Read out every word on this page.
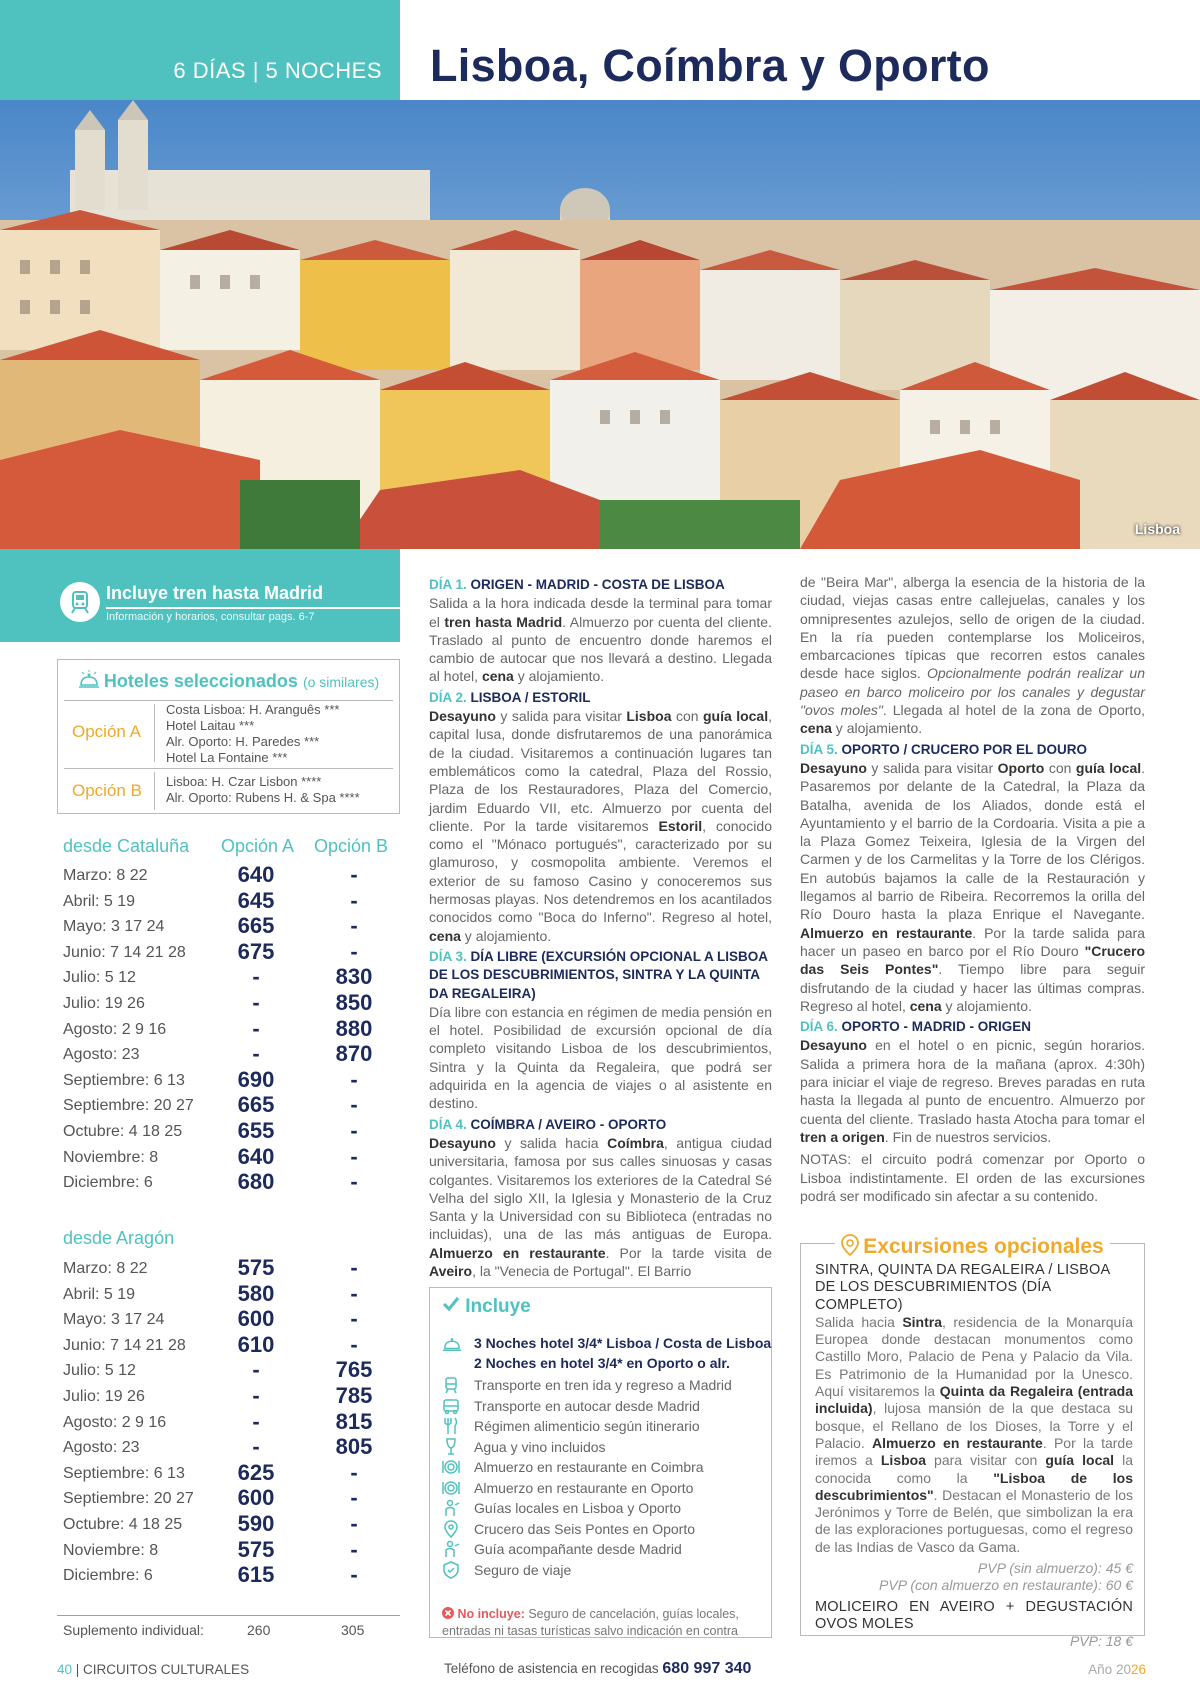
6 DÍAS | 5 NOCHES Lisboa, Coímbra y Oporto
Lisboa
Incluye tren hasta Madrid
Información y horarios, consultar pags. 6-7
Hoteles seleccionados (o similares)
Opción A
Costa Lisboa: H. Aranguês ***
Hotel Laitau ***
Alr. Oporto: H. Paredes ***
Hotel La Fontaine ***
Opción B Lisboa: H. Czar Lisbon ****
Alr. Oporto: Rubens H. & Spa ****
desde Cataluña Opción A Opción B
Marzo: 8 22	640	-
Abril: 5 19	645	-
Mayo: 3 17 24	665	-
Junio: 7 14 21 28	675	-
Julio: 5 12	-	830
Julio: 19 26	-	850
Agosto: 2 9 16	-	880
Agosto: 23	-	870
Septiembre: 6 13	690	-
Septiembre: 20 27	665	-
Octubre: 4 18 25	655	-
Noviembre: 8	640	-
Diciembre: 6	680	-
desde Aragón
Marzo: 8 22	575	-
Abril: 5 19	580	-
Mayo: 3 17 24	600	-
Junio: 7 14 21 28	610	-
Julio: 5 12	-	765
Julio: 19 26	-	785
Agosto: 2 9 16	-	815
Agosto: 23	-	805
Septiembre: 6 13	625	-
Septiembre: 20 27	600	-
Octubre: 4 18 25	590	-
Noviembre: 8	575	-
Diciembre: 6	615	-
Suplemento individual:	260	305
DÍA 1. ORIGEN - MADRID - COSTA DE LISBOA

Salida a la hora indicada desde la terminal para tomar el tren hasta Madrid. Almuerzo por cuenta del cliente. Traslado al punto de encuentro donde haremos el cambio de autocar que nos llevará a destino. Llegada al hotel, cena y alojamiento.

DÍA 2. LISBOA / ESTORIL

Desayuno y salida para visitar Lisboa con guía local, capital lusa, donde disfrutaremos de una panorámica de la ciudad. Visitaremos a continuación lugares tan emblemáticos como la catedral, Plaza del Rossio, Plaza de los Restauradores, Plaza del Comercio, jardim Eduardo VII, etc. Almuerzo por cuenta del cliente. Por la tarde visitaremos Estoril, conocido como el "Mónaco portugués", caracterizado por su glamuroso, y cosmopolita ambiente. Veremos el exterior de su famoso Casino y conoceremos sus hermosas playas. Nos detendremos en los acantilados conocidos como "Boca do Inferno". Regreso al hotel, cena y alojamiento.

DÍA 3. DÍA LIBRE (EXCURSIÓN OPCIONAL A LISBOA DE LOS DESCUBRIMIENTOS, SINTRA Y LA QUINTA DA REGALEIRA)

Día libre con estancia en régimen de media pensión en el hotel. Posibilidad de excursión opcional de día completo visitando Lisboa de los descubrimientos, Sintra y la Quinta da Regaleira, que podrá ser adquirida en la agencia de viajes o al asistente en destino.

DÍA 4. COÍMBRA / AVEIRO - OPORTO

Desayuno y salida hacia Coímbra, antigua ciudad universitaria, famosa por sus calles sinuosas y casas colgantes. Visitaremos los exteriores de la Catedral Sé Velha del siglo XII, la Iglesia y Monasterio de la Cruz Santa y la Universidad con su Biblioteca (entradas no incluidas), una de las más antiguas de Europa. Almuerzo en restaurante. Por la tarde visita de Aveiro, la "Venecia de Portugal". El Barrio

de "Beira Mar", alberga la esencia de la historia de la ciudad, viejas casas entre callejuelas, canales y los omnipresentes azulejos, sello de origen de la ciudad. En la ría pueden contemplarse los Moliceiros, embarcaciones típicas que recorren estos canales desde hace siglos. Opcionalmente podrán realizar un paseo en barco moliceiro por los canales y degustar "ovos moles". Llegada al hotel de la zona de Oporto, cena y alojamiento.

DÍA 5. OPORTO / CRUCERO POR EL DOURO

Desayuno y salida para visitar Oporto con guía local. Pasaremos por delante de la Catedral, la Plaza da Batalha, avenida de los Aliados, donde está el Ayuntamiento y el barrio de la Cordoaria. Visita a pie a la Plaza Gomez Teixeira, Iglesia de la Virgen del Carmen y de los Carmelitas y la Torre de los Clérigos. En autobús bajamos la calle de la Restauración y llegamos al barrio de Ribeira. Recorremos la orilla del Río Douro hasta la plaza Enrique el Navegante. Almuerzo en restaurante. Por la tarde salida para hacer un paseo en barco por el Río Douro "Crucero das Seis Pontes". Tiempo libre para seguir disfrutando de la ciudad y hacer las últimas compras. Regreso al hotel, cena y alojamiento.

DÍA 6. OPORTO - MADRID - ORIGEN

Desayuno en el hotel o en picnic, según horarios. Salida a primera hora de la mañana (aprox. 4:30h) para iniciar el viaje de regreso. Breves paradas en ruta hasta la llegada al punto de encuentro. Almuerzo por cuenta del cliente. Traslado hasta Atocha para tomar el tren a origen. Fin de nuestros servicios.

NOTAS: el circuito podrá comenzar por Oporto o Lisboa indistintamente. El orden de las excursiones podrá ser modificado sin afectar a su contenido.

Incluye
3 Noches hotel 3/4* Lisboa / Costa de Lisboa
2 Noches en hotel 3/4* en Oporto o alr.
Transporte en tren ida y regreso a Madrid
Transporte en autocar desde Madrid
Régimen alimenticio según itinerario
Agua y vino incluidos
Almuerzo en restaurante en Coimbra
Almuerzo en restaurante en Oporto
Guías locales en Lisboa y Oporto
Crucero das Seis Pontes en Oporto
Guía acompañante desde Madrid
Seguro de viaje
No incluye: Seguro de cancelación, guías locales, entradas ni tasas turísticas salvo indicación en contra
Excursiones opcionales
SINTRA, QUINTA DA REGALEIRA / LISBOA DE LOS DESCUBRIMIENTOS (DÍA COMPLETO)

Salida hacia Sintra, residencia de la Monarquía Europea donde destacan monumentos como Castillo Moro, Palacio de Pena y Palacio da Vila. Es Patrimonio de la Humanidad por la Unesco. Aquí visitaremos la Quinta da Regaleira (entrada incluida), lujosa mansión de la que destaca su bosque, el Rellano de los Dioses, la Torre y el Palacio. Almuerzo en restaurante. Por la tarde iremos a Lisboa para visitar con guía local la conocida como la "Lisboa de los descubrimientos". Destacan el Monasterio de los Jerónimos y Torre de Belén, que simbolizan la era de las exploraciones portuguesas, como el regreso de las Indias de Vasco da Gama.

PVP (sin almuerzo): 45 €
PVP (con almuerzo en restaurante): 60 €
MOLICEIRO EN AVEIRO + DEGUSTACIÓN OVOS MOLES
PVP: 18 €
40 | CIRCUITOS CULTURALES	Teléfono de asistencia en recogidas 680 997 340	Año 2026
